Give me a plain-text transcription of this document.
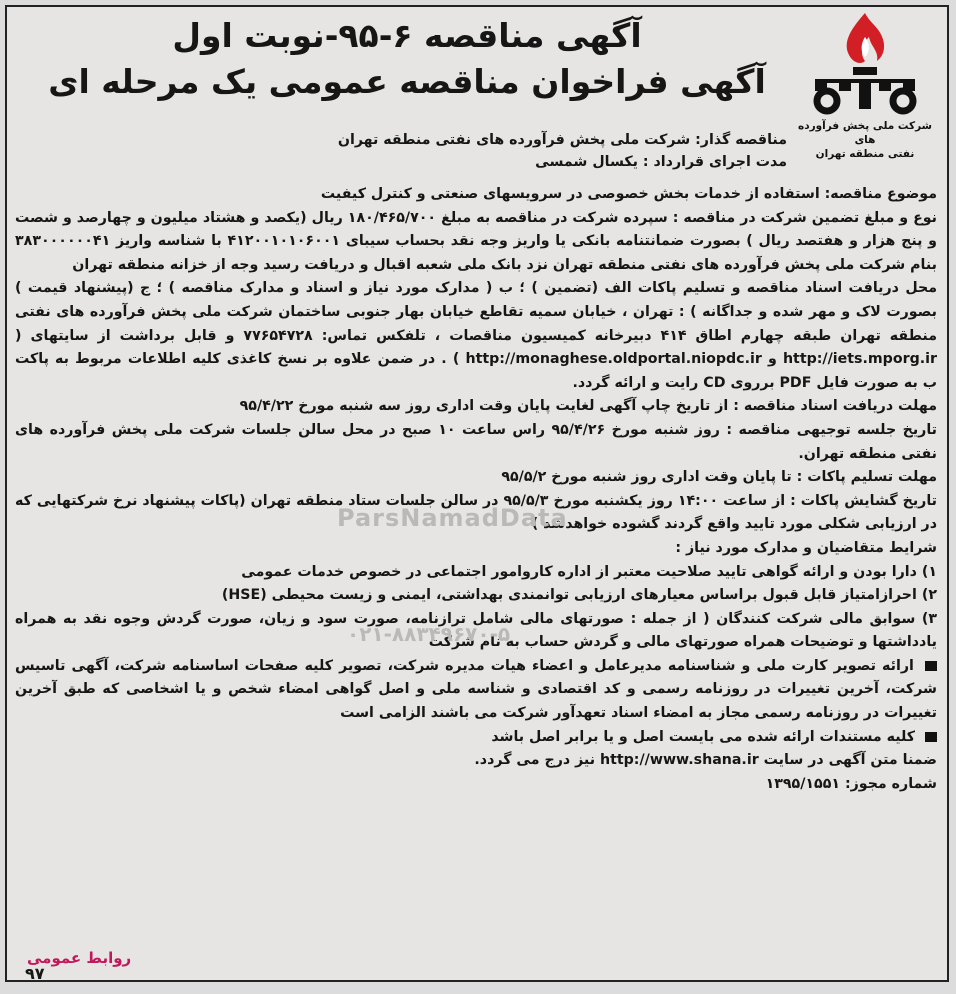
شرکت ملی پخش فرآورده های
نفتی منطقه تهران
آگهی مناقصه ۶-۹۵-نوبت اول
آگهی فراخوان مناقصه عمومی یک مرحله ای
مناقصه گذار: شرکت ملی پخش فرآورده های نفتی منطقه تهران
مدت اجرای قرارداد : یکسال شمسی

موضوع مناقصه: استفاده از خدمات بخش خصوصی در سرویسهای صنعتی و کنترل کیفیت

نوع و مبلغ تضمین شرکت در مناقصه : سپرده شرکت در مناقصه به مبلغ ۱۸۰/۴۶۵/۷۰۰ ریال (یکصد و هشتاد میلیون و چهارصد و شصت و پنج هزار و هفتصد ریال ) بصورت ضمانتنامه بانکی یا واریز وجه نقد بحساب سیبای ۴۱۲۰۰۱۰۱۰۶۰۰۱ با شناسه واریز ۳۸۳۰۰۰۰۰۰۴۱ بنام شرکت ملی پخش فرآورده های نفتی منطقه تهران نزد بانک ملی شعبه اقبال و دریافت رسید وجه از خزانه منطقه تهران

محل دریافت اسناد مناقصه و تسلیم پاکات الف (تضمین ) ؛ ب ( مدارک مورد نیاز و اسناد و مدارک مناقصه ) ؛ ج (پیشنهاد قیمت ) بصورت لاک و مهر شده و جداگانه ) : تهران ، خیابان سمیه تقاطع خیابان بهار جنوبی ساختمان شرکت ملی پخش فرآورده های نفتی منطقه تهران طبقه چهارم اطاق ۴۱۴ دبیرخانه کمیسیون مناقصات ، تلفکس تماس: ۷۷۶۵۴۷۲۸ و قابل برداشت از سایتهای ( http://iets.mporg.ir و http://monaghese.oldportal.niopdc.ir ) . در ضمن علاوه بر نسخ کاغذی کلیه اطلاعات مربوط به پاکت ب به صورت فایل PDF برروی CD رایت و ارائه گردد.

مهلت دریافت اسناد مناقصه : از تاریخ چاپ آگهی لغایت پایان وقت اداری روز سه شنبه مورخ ۹۵/۴/۲۲

تاریخ جلسه توجیهی مناقصه : روز شنبه مورخ ۹۵/۴/۲۶ راس ساعت ۱۰ صبح در محل سالن جلسات شرکت ملی پخش فرآورده های نفتی منطقه تهران.

مهلت تسلیم پاکات : تا پایان وقت اداری روز شنبه مورخ ۹۵/۵/۲

تاریخ گشایش پاکات : از ساعت ۱۴:۰۰ روز یکشنبه مورخ ۹۵/۵/۳ در سالن جلسات ستاد منطقه تهران (پاکات پیشنهاد نرخ شرکتهایی که در ارزیابی شکلی مورد تایید واقع گردند گشوده خواهدشد )

شرایط متقاضیان و مدارک مورد نیاز :

۱) دارا بودن و ارائه گواهی تایید صلاحیت معتبر از اداره کاروامور اجتماعی در خصوص خدمات عمومی

۲) احرازامتیاز قابل قبول براساس معیارهای ارزیابی توانمندی بهداشتی، ایمنی و زیست محیطی (HSE)

۳) سوابق مالی شرکت کنندگان ( از جمله : صورتهای مالی شامل ترازنامه، صورت سود و زیان، صورت گردش وجوه نقد به همراه یادداشتها و توضیحات همراه صورتهای مالی و گردش حساب به نام شرکت

ارائه تصویر کارت ملی و شناسنامه مدیرعامل و اعضاء هیات مدیره شرکت، تصویر کلیه صفحات اساسنامه شرکت، آگهی تاسیس شرکت، آخرین تغییرات در روزنامه رسمی و کد اقتصادی و شناسه ملی و اصل گواهی امضاء شخص و یا اشخاصی که طبق آخرین تغییرات در روزنامه رسمی مجاز به امضاء اسناد تعهدآور شرکت می باشند الزامی است

کلیه مستندات ارائه شده می بایست اصل و یا برابر اصل باشد

ضمنا متن آگهی در سایت http://www.shana.ir نیز درج می گردد.

شماره مجوز: ۱۳۹۵/۱۵۵۱

ParsNamadData
۰۲۱-۸۸۳۴۹۶۷۰-۵
روابط عمومی
۹۷
